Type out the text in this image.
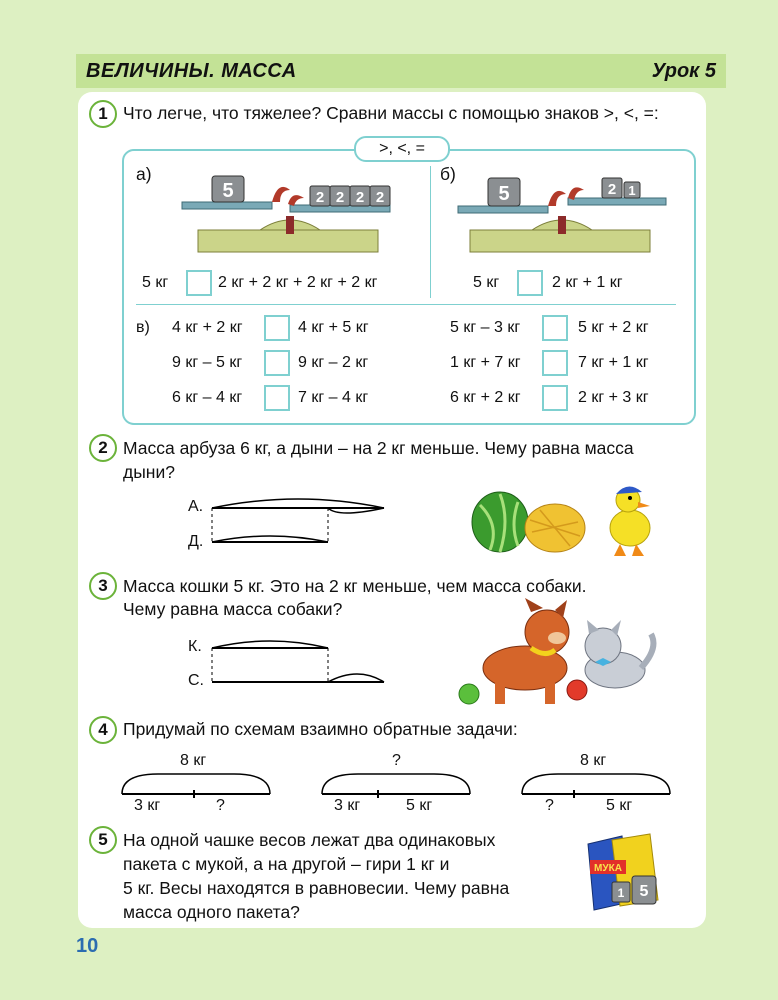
ВЕЛИЧИНЫ. МАССА	Урок 5
1 Что легче, что тяжелее? Сравни массы с помощью знаков >, <, =:
>, <, =
а)	б)
5	2 2 2 2	5	2 1
5 кг	2 кг + 2 кг + 2 кг + 2 кг	5 кг	2 кг + 1 кг
в) 4 кг + 2 кг	4 кг + 5 кг	5 кг – 3 кг	5 кг + 2 кг
9 кг – 5 кг	9 кг – 2 кг	1 кг + 7 кг	7 кг + 1 кг
6 кг – 4 кг	7 кг – 4 кг	6 кг + 2 кг	2 кг + 3 кг
2 Масса арбуза 6 кг, а дыни – на 2 кг меньше. Чему равна масса
дыни?
А.
Д.
3 Масса кошки 5 кг. Это на 2 кг меньше, чем масса собаки.
Чему равна масса собаки?
К.
С.
4 Придумай по схемам взаимно обратные задачи:
8 кг
3 кг	?
?
3 кг	5 кг
8 кг
?	5 кг
5 На одной чашке весов лежат два одинаковых
пакета с мукой, а на другой – гири 1 кг и
5 кг. Весы находятся в равновесии. Чему равна
масса одного пакета?
МУКА
1 5
10
